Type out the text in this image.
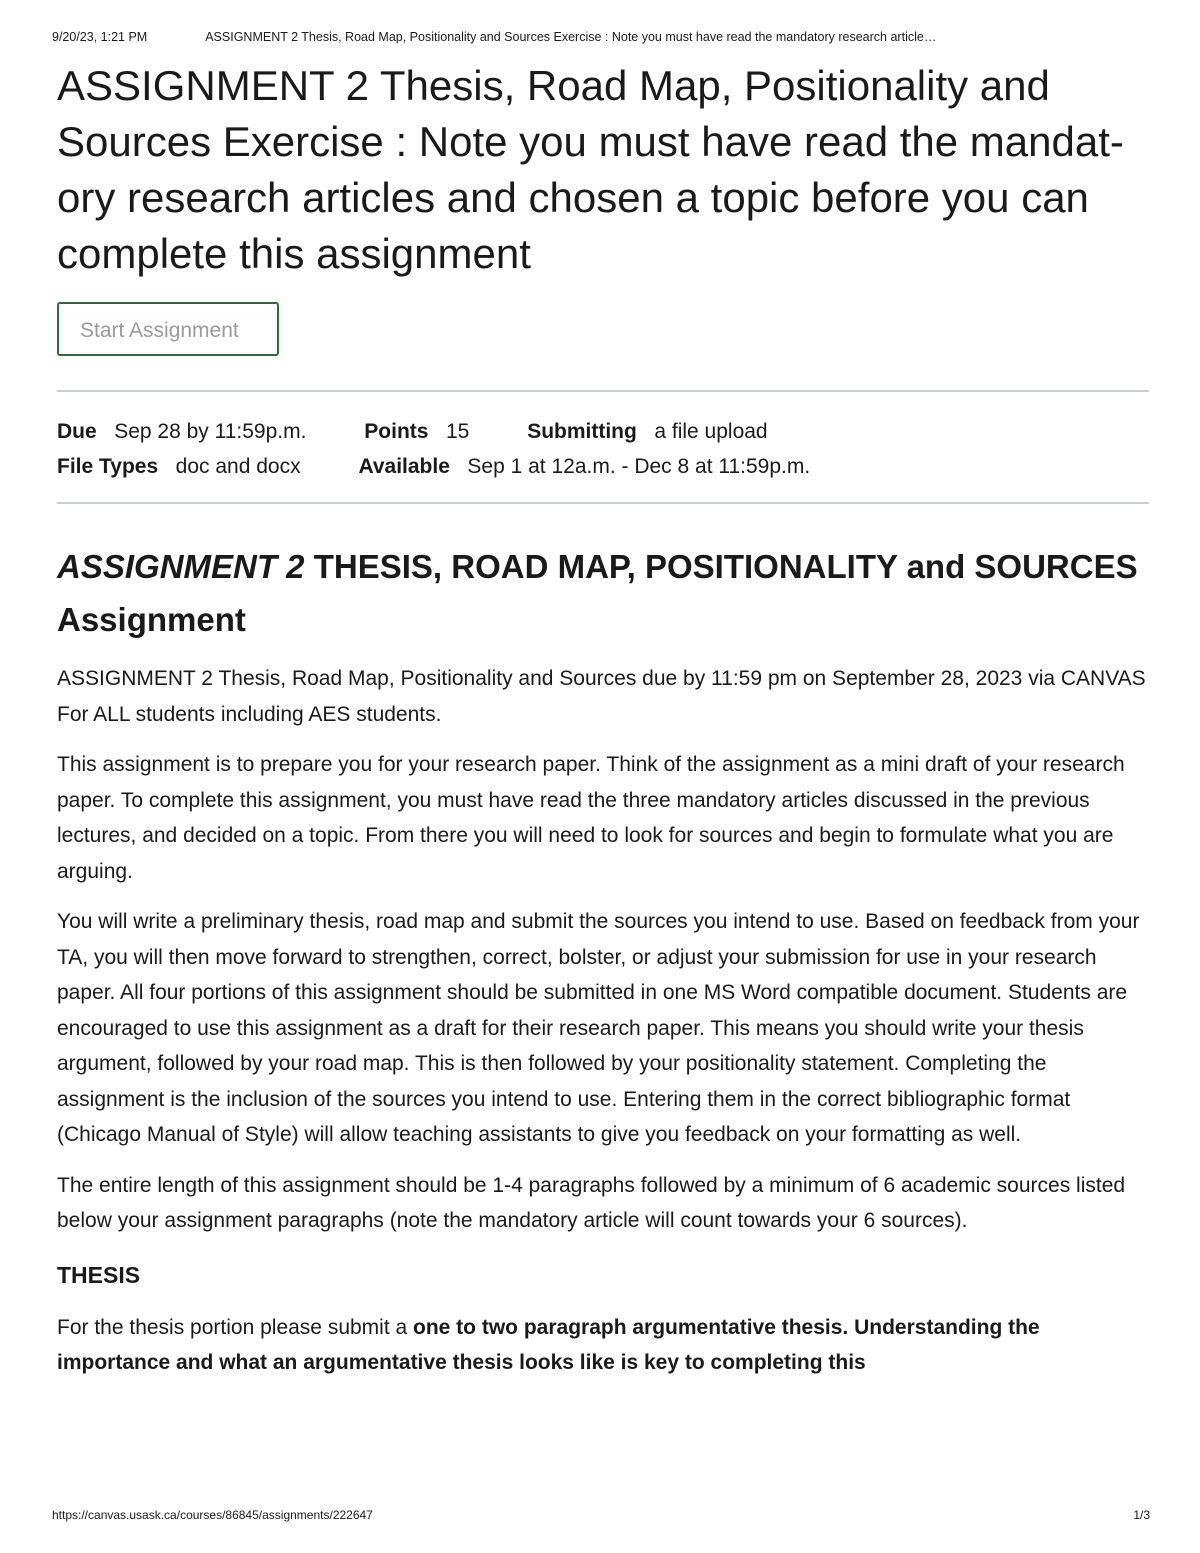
9/20/23, 1:21 PM	ASSIGNMENT 2 Thesis, Road Map, Positionality and Sources Exercise : Note you must have read the mandatory research article…
ASSIGNMENT 2 Thesis, Road Map, Positionality and Sources Exercise : Note you must have read the mandat-ory research articles and chosen a topic before you can complete this assignment
Start Assignment
Due Sep 28 by 11:59p.m.	Points 15	Submitting a file upload
File Types doc and docx	Available Sep 1 at 12a.m. - Dec 8 at 11:59p.m.
ASSIGNMENT 2 THESIS, ROAD MAP, POSITIONALITY and SOURCES Assignment

ASSIGNMENT 2 Thesis, Road Map, Positionality and Sources due by 11:59 pm on September 28, 2023 via CANVAS For ALL students including AES students.

This assignment is to prepare you for your research paper. Think of the assignment as a mini draft of your research paper. To complete this assignment, you must have read the three mandatory articles discussed in the previous lectures, and decided on a topic. From there you will need to look for sources and begin to formulate what you are arguing.

You will write a preliminary thesis, road map and submit the sources you intend to use. Based on feedback from your TA, you will then move forward to strengthen, correct, bolster, or adjust your submission for use in your research paper. All four portions of this assignment should be submitted in one MS Word compatible document. Students are encouraged to use this assignment as a draft for their research paper. This means you should write your thesis argument, followed by your road map. This is then followed by your positionality statement. Completing the assignment is the inclusion of the sources you intend to use. Entering them in the correct bibliographic format (Chicago Manual of Style) will allow teaching assistants to give you feedback on your formatting as well.

The entire length of this assignment should be 1-4 paragraphs followed by a minimum of 6 academic sources listed below your assignment paragraphs (note the mandatory article will count towards your 6 sources).

THESIS

For the thesis portion please submit a one to two paragraph argumentative thesis. Understanding the importance and what an argumentative thesis looks like is key to completing this

https://canvas.usask.ca/courses/86845/assignments/222647	1/3
